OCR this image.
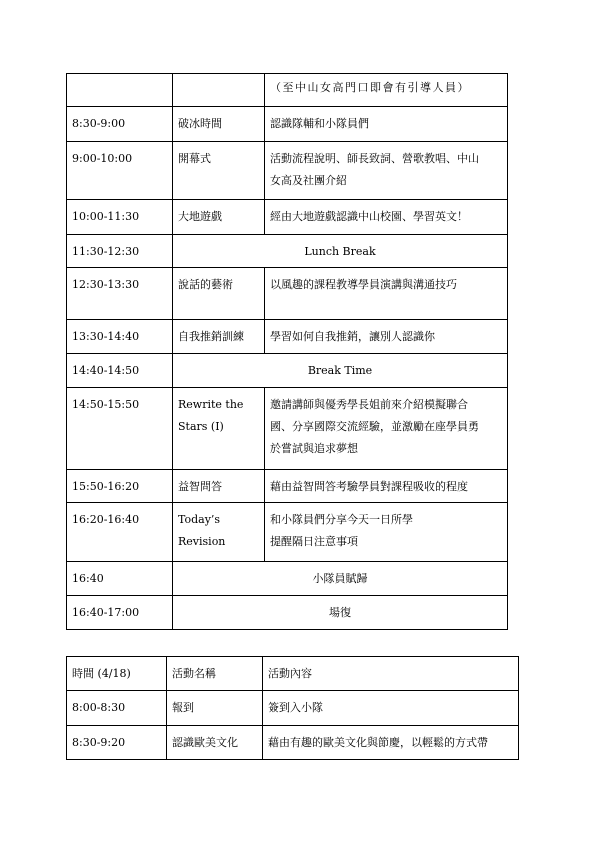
		（至中山女高門口即會有引導人員）

8:30-9:00	破冰時間	認識隊輔和小隊員們

9:00-10:00	開幕式	活動流程說明、師長致詞、營歌教唱、中山
女高及社團介紹

10:00-11:30	大地遊戲	經由大地遊戲認識中山校園、學習英文！

11:30-12:30	Lunch Break	

12:30-13:30	說話的藝術	以風趣的課程教導學員演講與溝通技巧

13:30-14:40	自我推銷訓練	學習如何自我推銷，讓別人認識你

14:40-14:50	Break Time	

14:50-15:50	Rewrite the
Stars (I)	邀請講師與優秀學長姐前來介紹模擬聯合
國、分享國際交流經驗，並激勵在座學員勇
於嘗試與追求夢想

15:50-16:20	益智問答	藉由益智問答考驗學員對課程吸收的程度

16:20-16:40	Today’s
Revision	和小隊員們分享今天一日所學
提醒隔日注意事項

16:40	小隊員賦歸	

16:40-17:00	場復	
時間 (4/18)	活動名稱	活動內容

8:00-8:30	報到	簽到入小隊

8:30-9:20	認識歐美文化	藉由有趣的歐美文化與節慶，以輕鬆的方式帶
